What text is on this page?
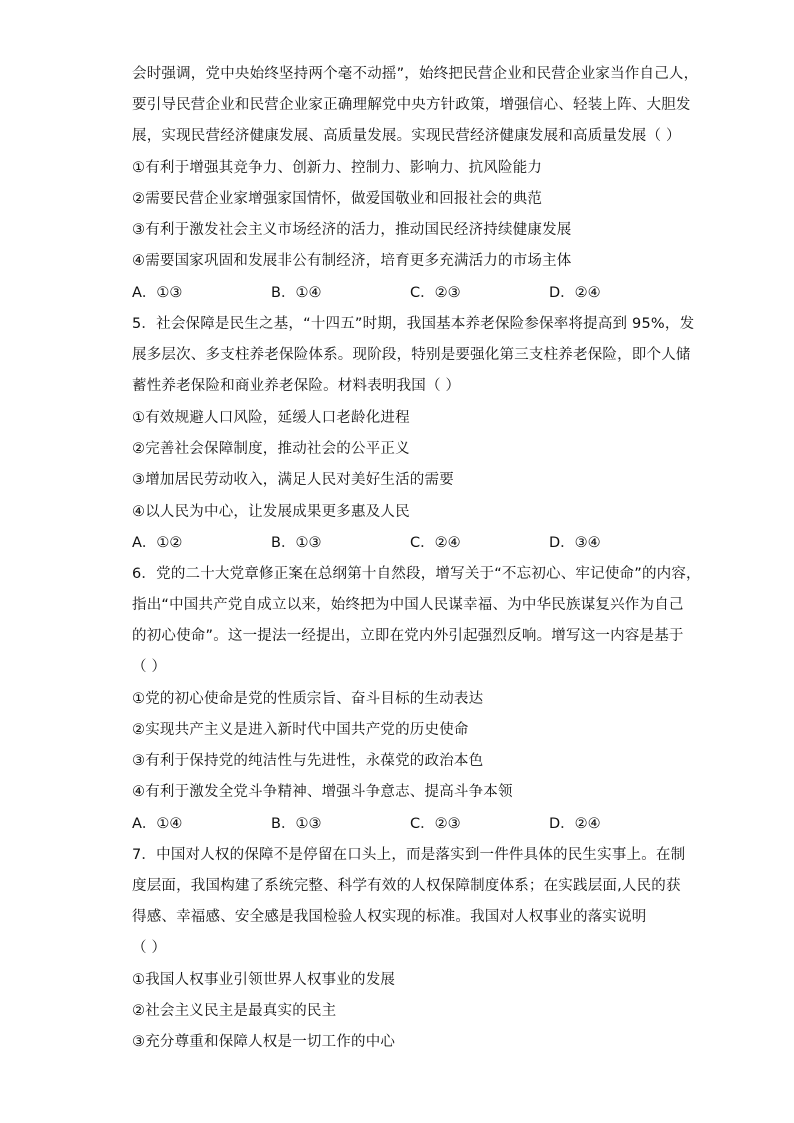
会时强调，党中央始终坚持两个毫不动摇”，始终把民营企业和民营企业家当作自己人，
要引导民营企业和民营企业家正确理解党中央方针政策，增强信心、轻装上阵、大胆发
展，实现民营经济健康发展、高质量发展。实现民营经济健康发展和高质量发展（ ）
①有利于增强其竞争力、创新力、控制力、影响力、抗风险能力
②需要民营企业家增强家国情怀，做爱国敬业和回报社会的典范
③有利于激发社会主义市场经济的活力，推动国民经济持续健康发展
④需要国家巩固和发展非公有制经济，培育更多充满活力的市场主体
A．①③	B．①④	C．②③	D．②④
5．社会保障是民生之基，“十四五”时期，我国基本养老保险参保率将提高到 95%，发
展多层次、多支柱养老保险体系。现阶段，特别是要强化第三支柱养老保险，即个人储
蓄性养老保险和商业养老保险。材料表明我国（ ）
①有效规避人口风险，延缓人口老龄化进程
②完善社会保障制度，推动社会的公平正义
③增加居民劳动收入，满足人民对美好生活的需要
④以人民为中心，让发展成果更多惠及人民
A．①②	B．①③	C．②④	D．③④
6．党的二十大党章修正案在总纲第十自然段，增写关于“不忘初心、牢记使命”的内容，
指出“中国共产党自成立以来，始终把为中国人民谋幸福、为中华民族谋复兴作为自己
的初心使命”。这一提法一经提出，立即在党内外引起强烈反响。增写这一内容是基于
（ ）
①党的初心使命是党的性质宗旨、奋斗目标的生动表达
②实现共产主义是进入新时代中国共产党的历史使命
③有利于保持党的纯洁性与先进性，永葆党的政治本色
④有利于激发全党斗争精神、增强斗争意志、提高斗争本领
A．①④	B．①③	C．②③	D．②④
7．中国对人权的保障不是停留在口头上，而是落实到一件件具体的民生实事上。在制
度层面，我国构建了系统完整、科学有效的人权保障制度体系；在实践层面,人民的获
得感、幸福感、安全感是我国检验人权实现的标准。我国对人权事业的落实说明
（ ）
①我国人权事业引领世界人权事业的发展
②社会主义民主是最真实的民主
③充分尊重和保障人权是一切工作的中心
